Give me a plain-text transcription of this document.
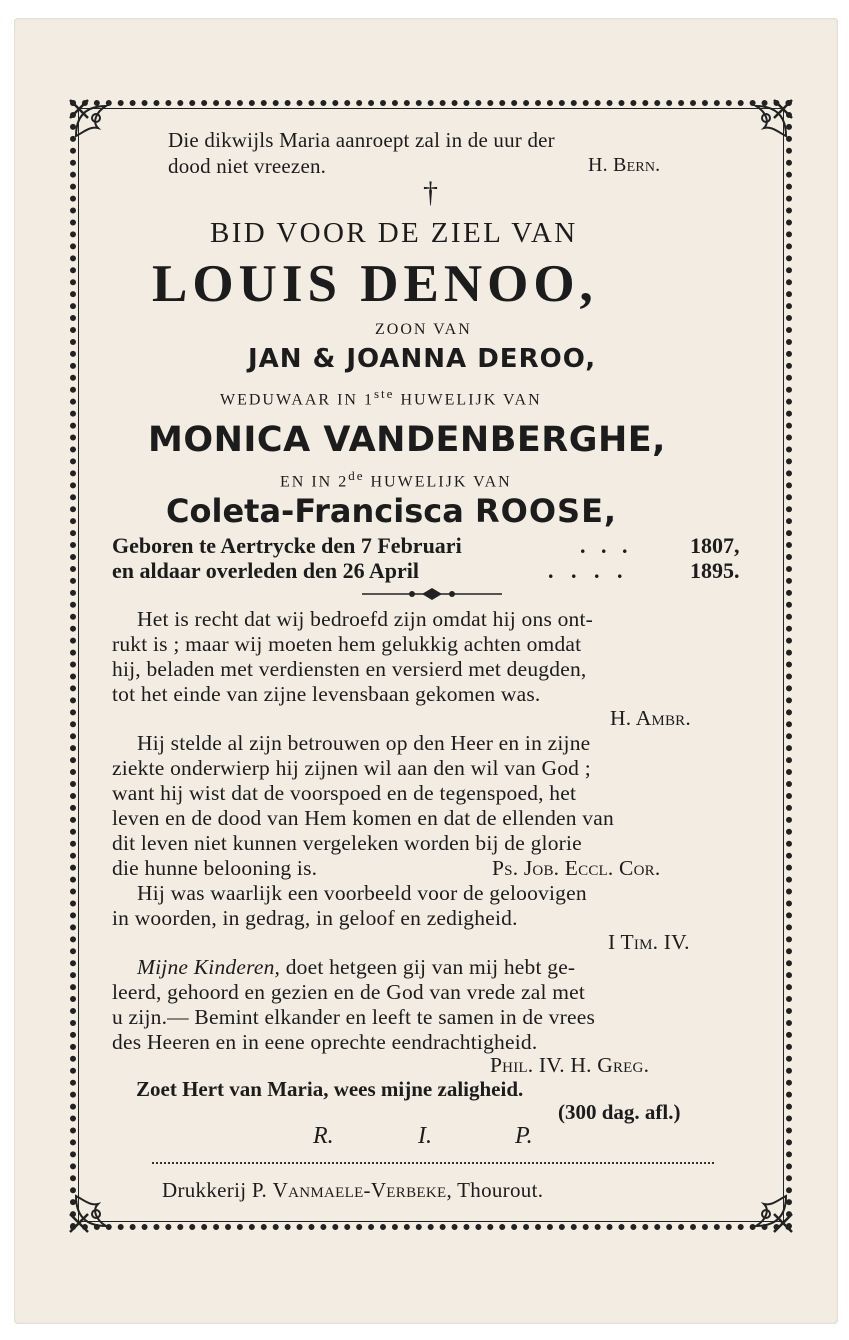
Die dikwijls Maria aanroept zal in de uur der
dood niet vreezen.	H. Bern.
†
BID VOOR DE ZIEL VAN
LOUIS DENOO,
ZOON VAN
JAN & JOANNA DEROO,
WEDUWAAR IN 1ste HUWELIJK VAN
MONICA VANDENBERGHE,
EN IN 2de HUWELIJK VAN
Coleta-Francisca ROOSE,
Geboren te Aertrycke den 7 Februari	. . .	1807,
en aldaar overleden den 26 April	. . . .	1895.
Het is recht dat wij bedroefd zijn omdat hij ons ont-
rukt is ; maar wij moeten hem gelukkig achten omdat
hij, beladen met verdiensten en versierd met deugden,
tot het einde van zijne levensbaan gekomen was.
H. Ambr.
Hij stelde al zijn betrouwen op den Heer en in zijne
ziekte onderwierp hij zijnen wil aan den wil van God ;
want hij wist dat de voorspoed en de tegenspoed, het
leven en de dood van Hem komen en dat de ellenden van
dit leven niet kunnen vergeleken worden bij de glorie
die hunne belooning is.	Ps. Job. Eccl. Cor.
Hij was waarlijk een voorbeeld voor de geloovigen
in woorden, in gedrag, in geloof en zedigheid.
I Tim. IV.
Mijne Kinderen, doet hetgeen gij van mij hebt ge-
leerd, gehoord en gezien en de God van vrede zal met
u zijn.— Bemint elkander en leeft te samen in de vrees
des Heeren en in eene oprechte eendrachtigheid.
Phil. IV. H. Greg.
Zoet Hert van Maria, wees mijne zaligheid.
(300 dag. afl.)
R.	I.	P.
Drukkerij P. Vanmaele-Verbeke, Thourout.
